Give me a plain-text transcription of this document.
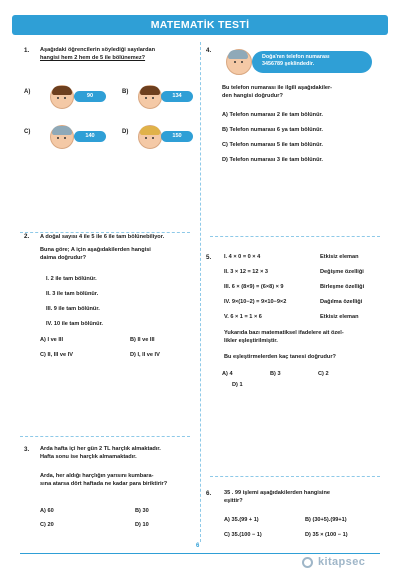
MATEMATİK TESTİ
1. Aşağıdaki öğrencilerin söylediği sayılardan
hangisi hem 2 hem de 5 ile bölünemez?
A)
90
B)
134
C)
140
D)
150
2. A doğal sayısı 4 ile 5 ile 6 ile tam bölünebiliyor.
Buna göre; A için aşağıdakilerden hangisi
daima doğrudur?
I. 2 ile tam bölünür.
II. 3 ile tam bölünür.
III. 9 ile tam bölünür.
IV. 10 ile tam bölünür.
A) I ve III	B) II ve III
C) II, III ve IV	D) I, II ve IV
3. Arda hafta içi her gün 2 TL harçlık almaktadır.
Hafta sonu ise harçlık almamaktadır.
Arda, her aldığı harçlığın yarısını kumbara-
sına atarsa dört haftada ne kadar para biriktirir?
A) 60	B) 30
C) 20	D) 10
4.
Doğa'nın telefon numarası
3456789 şeklindedir.
Bu telefon numarası ile ilgili aşağıdakiler-
den hangisi doğrudur?
A) Telefon numarası 2 ile tam bölünür.
B) Telefon numarası 6 ya tam bölünür.
C) Telefon numarası 5 ile tam bölünür.
D) Telefon numarası 3 ile tam bölünür.
5. I. 4 × 0 = 0 × 4	Etkisiz eleman
II. 3 × 12 = 12 × 3	Değişme özelliği
III. 6 × (8×9) = (6×8) × 9	Birleşme özelliği
IV. 9×(10−2) = 9×10−9×2	Dağılma özelliği
V. 6 × 1 = 1 × 6	Etkisiz eleman
Yukarıda bazı matematiksel ifadelere ait özel-
likler eşleştirilmiştir.
Bu eşleştirmelerden kaç tanesi doğrudur?
A) 4	B) 3	C) 2
D) 1
6. 35 . 99 işlemi aşağıdakilerden hangisine
eşittir?
A) 35.(99 + 1)	B) (30+5).(99+1)
C) 35.(100 − 1)	D) 35 × (100 − 1)
6
kitapsec
